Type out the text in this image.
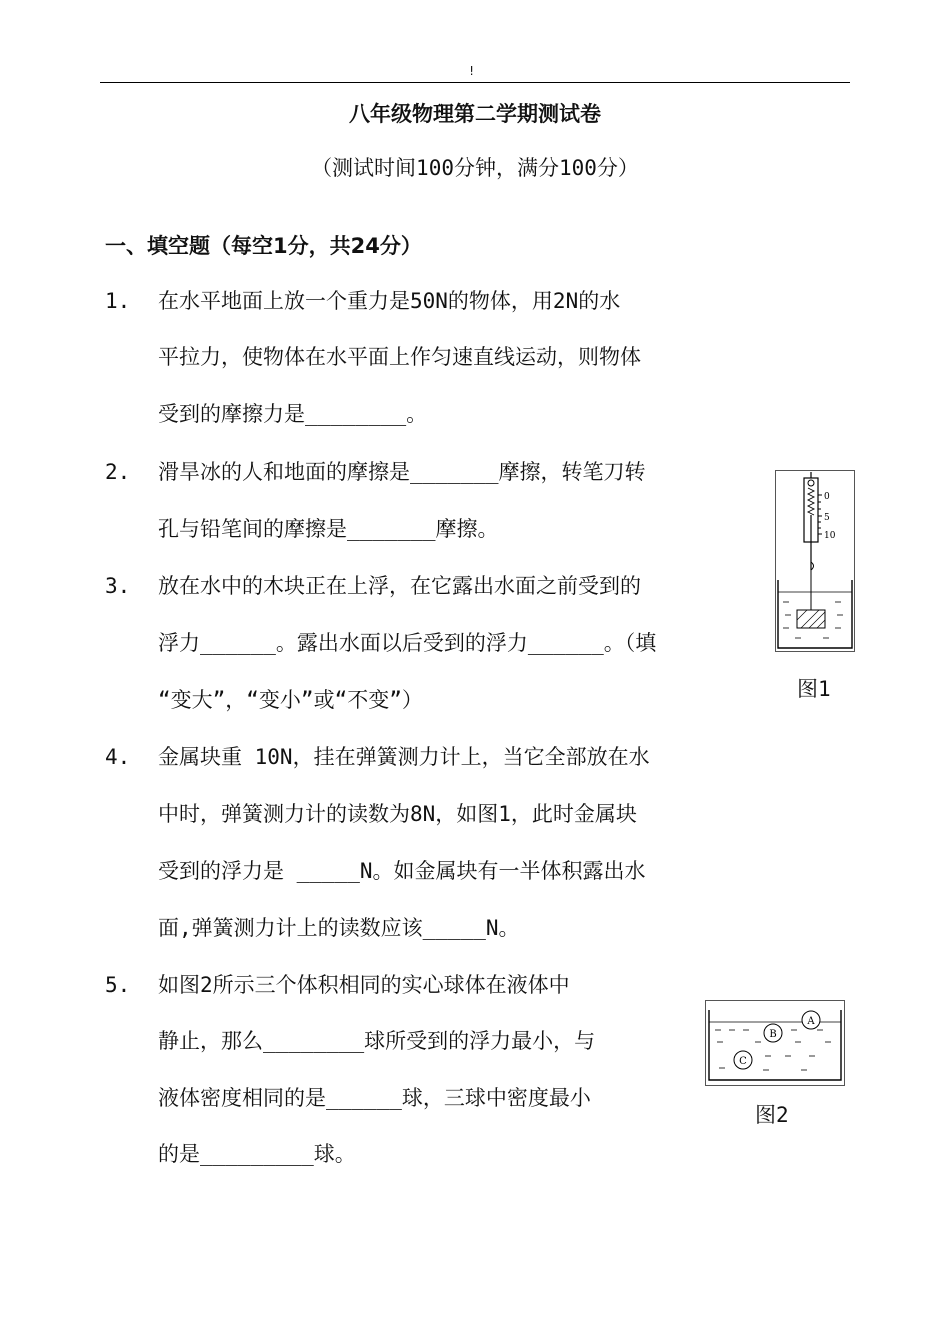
!
八年级物理第二学期测试卷
（测试时间100分钟，满分100分）
一、填空题（每空1分，共24分）
1. 在水平地面上放一个重力是50N的物体，用2N的水
平拉力，使物体在水平面上作匀速直线运动，则物体
受到的摩擦力是________。
2. 滑旱冰的人和地面的摩擦是_______摩擦，转笔刀转
孔与铅笔间的摩擦是_______摩擦。
3. 放在水中的木块正在上浮，在它露出水面之前受到的
浮力______。露出水面以后受到的浮力______。（填
“变大”，“变小”或“不变”）
4. 金属块重 10N，挂在弹簧测力计上，当它全部放在水
中时，弹簧测力计的读数为8N，如图1，此时金属块
受到的浮力是 _____N。如金属块有一半体积露出水
面,弹簧测力计上的读数应该_____N。
5. 如图2所示三个体积相同的实心球体在液体中
静止，那么________球所受到的浮力最小，与
液体密度相同的是______球，三球中密度最小
的是_________球。
0
5
10
图1
A
B
C
图2
